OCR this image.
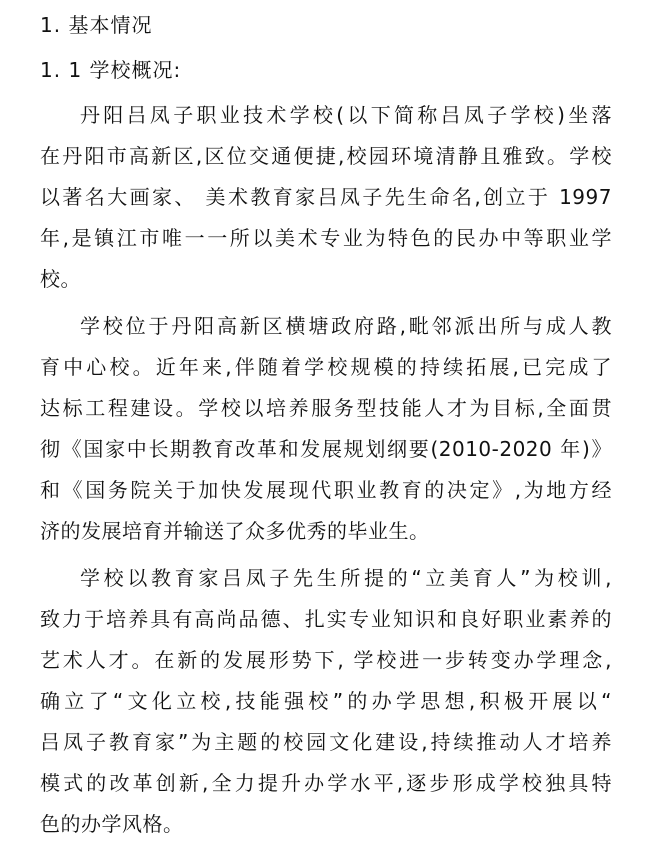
1. 基本情况
1. 1 学校概况:
丹阳吕凤子职业技术学校(以下简称吕凤子学校)坐落
在丹阳市高新区,区位交通便捷,校园环境清静且雅致。学校
以著名大画家、 美术教育家吕凤子先生命名,创立于 1997
年,是镇江市唯一一所以美术专业为特色的民办中等职业学
校。
学校位于丹阳高新区横塘政府路,毗邻派出所与成人教
育中心校。近年来,伴随着学校规模的持续拓展,已完成了
达标工程建设。学校以培养服务型技能人才为目标,全面贯
彻《国家中长期教育改革和发展规划纲要(2010-2020 年)》
和《国务院关于加快发展现代职业教育的决定》,为地方经
济的发展培育并输送了众多优秀的毕业生。
学校以教育家吕凤子先生所提的“立美育人”为校训,
致力于培养具有高尚品德、扎实专业知识和良好职业素养的
艺术人才。在新的发展形势下, 学校进一步转变办学理念,
确立了“文化立校,技能强校”的办学思想,积极开展以“
吕凤子教育家”为主题的校园文化建设,持续推动人才培养
模式的改革创新,全力提升办学水平,逐步形成学校独具特
色的办学风格。
